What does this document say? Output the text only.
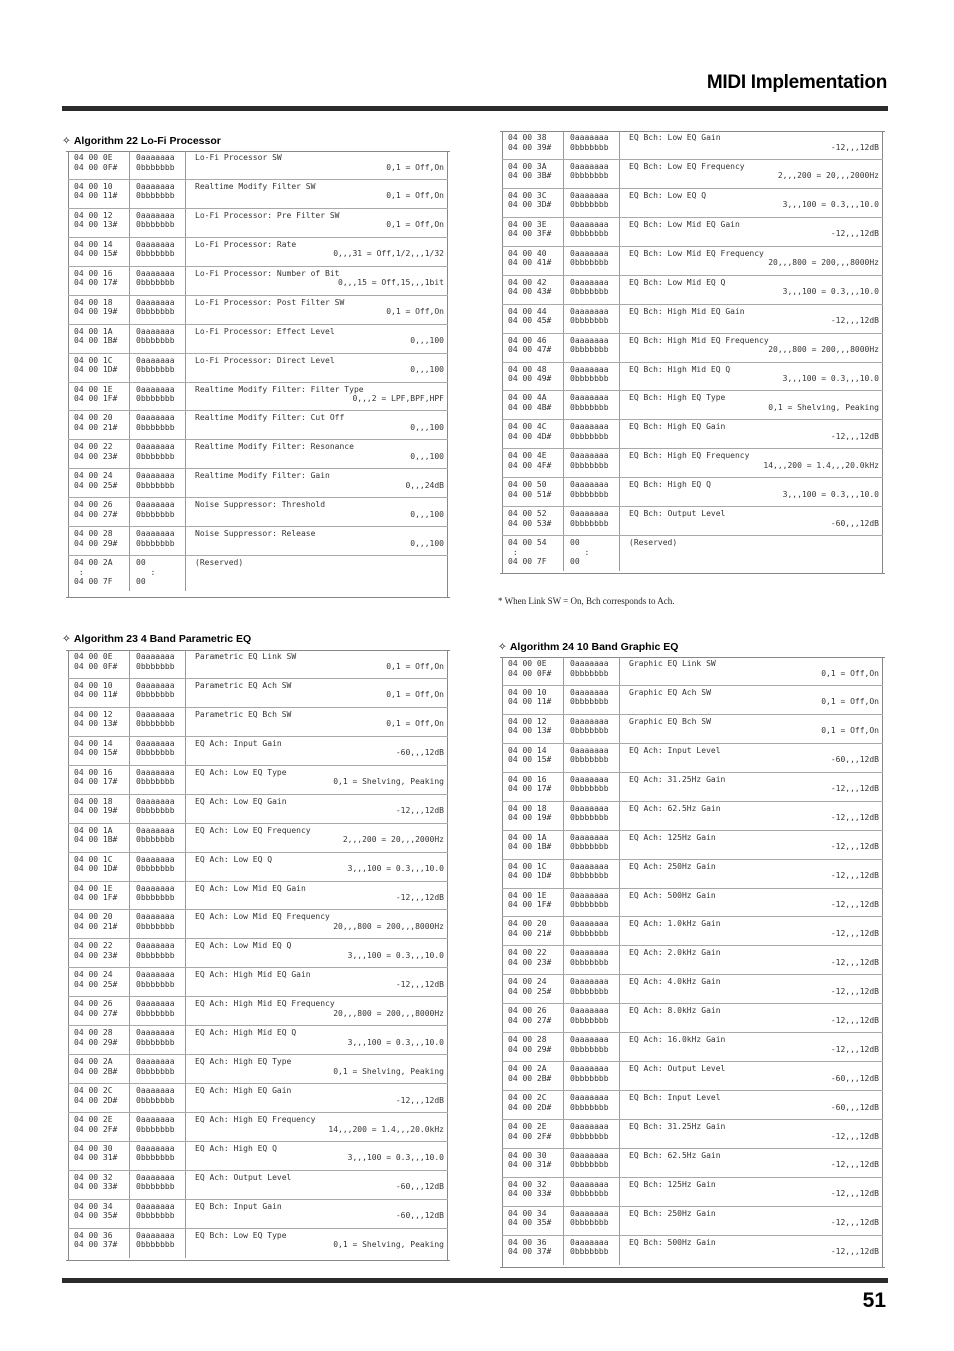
MIDI Implementation
✧ Algorithm 22 Lo-Fi Processor
04 00 0E
04 00 0F#
0aaaaaaa
0bbbbbbb
Lo-Fi Processor SW
0,1 = Off,On
04 00 10
04 00 11#
0aaaaaaa
0bbbbbbb
Realtime Modify Filter SW
0,1 = Off,On
04 00 12
04 00 13#
0aaaaaaa
0bbbbbbb
Lo-Fi Processor: Pre Filter SW
0,1 = Off,On
04 00 14
04 00 15#
0aaaaaaa
0bbbbbbb
Lo-Fi Processor: Rate
0,,,31 = Off,1/2,,,1/32
04 00 16
04 00 17#
0aaaaaaa
0bbbbbbb
Lo-Fi Processor: Number of Bit
0,,,15 = Off,15,,,1bit
04 00 18
04 00 19#
0aaaaaaa
0bbbbbbb
Lo-Fi Processor: Post Filter SW
0,1 = Off,On
04 00 1A
04 00 1B#
0aaaaaaa
0bbbbbbb
Lo-Fi Processor: Effect Level
0,,,100
04 00 1C
04 00 1D#
0aaaaaaa
0bbbbbbb
Lo-Fi Processor: Direct Level
0,,,100
04 00 1E
04 00 1F#
0aaaaaaa
0bbbbbbb
Realtime Modify Filter: Filter Type
0,,,2 = LPF,BPF,HPF
04 00 20
04 00 21#
0aaaaaaa
0bbbbbbb
Realtime Modify Filter: Cut Off
0,,,100
04 00 22
04 00 23#
0aaaaaaa
0bbbbbbb
Realtime Modify Filter: Resonance
0,,,100
04 00 24
04 00 25#
0aaaaaaa
0bbbbbbb
Realtime Modify Filter: Gain
0,,,24dB
04 00 26
04 00 27#
0aaaaaaa
0bbbbbbb
Noise Suppressor: Threshold
0,,,100
04 00 28
04 00 29#
0aaaaaaa
0bbbbbbb
Noise Suppressor: Release
0,,,100
04 00 2A
:
04 00 7F
00
:
00
(Reserved)
04 00 38
04 00 39#
0aaaaaaa
0bbbbbbb
EQ Bch: Low EQ Gain
-12,,,12dB
04 00 3A
04 00 3B#
0aaaaaaa
0bbbbbbb
EQ Bch: Low EQ Frequency
2,,,200 = 20,,,2000Hz
04 00 3C
04 00 3D#
0aaaaaaa
0bbbbbbb
EQ Bch: Low EQ Q
3,,,100 = 0.3,,,10.0
04 00 3E
04 00 3F#
0aaaaaaa
0bbbbbbb
EQ Bch: Low Mid EQ Gain
-12,,,12dB
04 00 40
04 00 41#
0aaaaaaa
0bbbbbbb
EQ Bch: Low Mid EQ Frequency
20,,,800 = 200,,,8000Hz
04 00 42
04 00 43#
0aaaaaaa
0bbbbbbb
EQ Bch: Low Mid EQ Q
3,,,100 = 0.3,,,10.0
04 00 44
04 00 45#
0aaaaaaa
0bbbbbbb
EQ Bch: High Mid EQ Gain
-12,,,12dB
04 00 46
04 00 47#
0aaaaaaa
0bbbbbbb
EQ Bch: High Mid EQ Frequency
20,,,800 = 200,,,8000Hz
04 00 48
04 00 49#
0aaaaaaa
0bbbbbbb
EQ Bch: High Mid EQ Q
3,,,100 = 0.3,,,10.0
04 00 4A
04 00 4B#
0aaaaaaa
0bbbbbbb
EQ Bch: High EQ Type
0,1 = Shelving, Peaking
04 00 4C
04 00 4D#
0aaaaaaa
0bbbbbbb
EQ Bch: High EQ Gain
-12,,,12dB
04 00 4E
04 00 4F#
0aaaaaaa
0bbbbbbb
EQ Bch: High EQ Frequency
14,,,200 = 1.4,,,20.0kHz
04 00 50
04 00 51#
0aaaaaaa
0bbbbbbb
EQ Bch: High EQ Q
3,,,100 = 0.3,,,10.0
04 00 52
04 00 53#
0aaaaaaa
0bbbbbbb
EQ Bch: Output Level
-60,,,12dB
04 00 54
:
04 00 7F
00
:
00
(Reserved)
* When Link SW = On, Bch corresponds to Ach.
✧ Algorithm 23 4 Band Parametric EQ
04 00 0E
04 00 0F#
0aaaaaaa
0bbbbbbb
Parametric EQ Link SW
0,1 = Off,On
04 00 10
04 00 11#
0aaaaaaa
0bbbbbbb
Parametric EQ Ach SW
0,1 = Off,On
04 00 12
04 00 13#
0aaaaaaa
0bbbbbbb
Parametric EQ Bch SW
0,1 = Off,On
04 00 14
04 00 15#
0aaaaaaa
0bbbbbbb
EQ Ach: Input Gain
-60,,,12dB
04 00 16
04 00 17#
0aaaaaaa
0bbbbbbb
EQ Ach: Low EQ Type
0,1 = Shelving, Peaking
04 00 18
04 00 19#
0aaaaaaa
0bbbbbbb
EQ Ach: Low EQ Gain
-12,,,12dB
04 00 1A
04 00 1B#
0aaaaaaa
0bbbbbbb
EQ Ach: Low EQ Frequency
2,,,200 = 20,,,2000Hz
04 00 1C
04 00 1D#
0aaaaaaa
0bbbbbbb
EQ Ach: Low EQ Q
3,,,100 = 0.3,,,10.0
04 00 1E
04 00 1F#
0aaaaaaa
0bbbbbbb
EQ Ach: Low Mid EQ Gain
-12,,,12dB
04 00 20
04 00 21#
0aaaaaaa
0bbbbbbb
EQ Ach: Low Mid EQ Frequency
20,,,800 = 200,,,8000Hz
04 00 22
04 00 23#
0aaaaaaa
0bbbbbbb
EQ Ach: Low Mid EQ Q
3,,,100 = 0.3,,,10.0
04 00 24
04 00 25#
0aaaaaaa
0bbbbbbb
EQ Ach: High Mid EQ Gain
-12,,,12dB
04 00 26
04 00 27#
0aaaaaaa
0bbbbbbb
EQ Ach: High Mid EQ Frequency
20,,,800 = 200,,,8000Hz
04 00 28
04 00 29#
0aaaaaaa
0bbbbbbb
EQ Ach: High Mid EQ Q
3,,,100 = 0.3,,,10.0
04 00 2A
04 00 2B#
0aaaaaaa
0bbbbbbb
EQ Ach: High EQ Type
0,1 = Shelving, Peaking
04 00 2C
04 00 2D#
0aaaaaaa
0bbbbbbb
EQ Ach: High EQ Gain
-12,,,12dB
04 00 2E
04 00 2F#
0aaaaaaa
0bbbbbbb
EQ Ach: High EQ Frequency
14,,,200 = 1.4,,,20.0kHz
04 00 30
04 00 31#
0aaaaaaa
0bbbbbbb
EQ Ach: High EQ Q
3,,,100 = 0.3,,,10.0
04 00 32
04 00 33#
0aaaaaaa
0bbbbbbb
EQ Ach: Output Level
-60,,,12dB
04 00 34
04 00 35#
0aaaaaaa
0bbbbbbb
EQ Bch: Input Gain
-60,,,12dB
04 00 36
04 00 37#
0aaaaaaa
0bbbbbbb
EQ Bch: Low EQ Type
0,1 = Shelving, Peaking
✧ Algorithm 24 10 Band Graphic EQ
04 00 0E
04 00 0F#
0aaaaaaa
0bbbbbbb
Graphic EQ Link SW
0,1 = Off,On
04 00 10
04 00 11#
0aaaaaaa
0bbbbbbb
Graphic EQ Ach SW
0,1 = Off,On
04 00 12
04 00 13#
0aaaaaaa
0bbbbbbb
Graphic EQ Bch SW
0,1 = Off,On
04 00 14
04 00 15#
0aaaaaaa
0bbbbbbb
EQ Ach: Input Level
-60,,,12dB
04 00 16
04 00 17#
0aaaaaaa
0bbbbbbb
EQ Ach: 31.25Hz Gain
-12,,,12dB
04 00 18
04 00 19#
0aaaaaaa
0bbbbbbb
EQ Ach: 62.5Hz Gain
-12,,,12dB
04 00 1A
04 00 1B#
0aaaaaaa
0bbbbbbb
EQ Ach: 125Hz Gain
-12,,,12dB
04 00 1C
04 00 1D#
0aaaaaaa
0bbbbbbb
EQ Ach: 250Hz Gain
-12,,,12dB
04 00 1E
04 00 1F#
0aaaaaaa
0bbbbbbb
EQ Ach: 500Hz Gain
-12,,,12dB
04 00 20
04 00 21#
0aaaaaaa
0bbbbbbb
EQ Ach: 1.0kHz Gain
-12,,,12dB
04 00 22
04 00 23#
0aaaaaaa
0bbbbbbb
EQ Ach: 2.0kHz Gain
-12,,,12dB
04 00 24
04 00 25#
0aaaaaaa
0bbbbbbb
EQ Ach: 4.0kHz Gain
-12,,,12dB
04 00 26
04 00 27#
0aaaaaaa
0bbbbbbb
EQ Ach: 8.0kHz Gain
-12,,,12dB
04 00 28
04 00 29#
0aaaaaaa
0bbbbbbb
EQ Ach: 16.0kHz Gain
-12,,,12dB
04 00 2A
04 00 2B#
0aaaaaaa
0bbbbbbb
EQ Ach: Output Level
-60,,,12dB
04 00 2C
04 00 2D#
0aaaaaaa
0bbbbbbb
EQ Bch: Input Level
-60,,,12dB
04 00 2E
04 00 2F#
0aaaaaaa
0bbbbbbb
EQ Bch: 31.25Hz Gain
-12,,,12dB
04 00 30
04 00 31#
0aaaaaaa
0bbbbbbb
EQ Bch: 62.5Hz Gain
-12,,,12dB
04 00 32
04 00 33#
0aaaaaaa
0bbbbbbb
EQ Bch: 125Hz Gain
-12,,,12dB
04 00 34
04 00 35#
0aaaaaaa
0bbbbbbb
EQ Bch: 250Hz Gain
-12,,,12dB
04 00 36
04 00 37#
0aaaaaaa
0bbbbbbb
EQ Bch: 500Hz Gain
-12,,,12dB
51
